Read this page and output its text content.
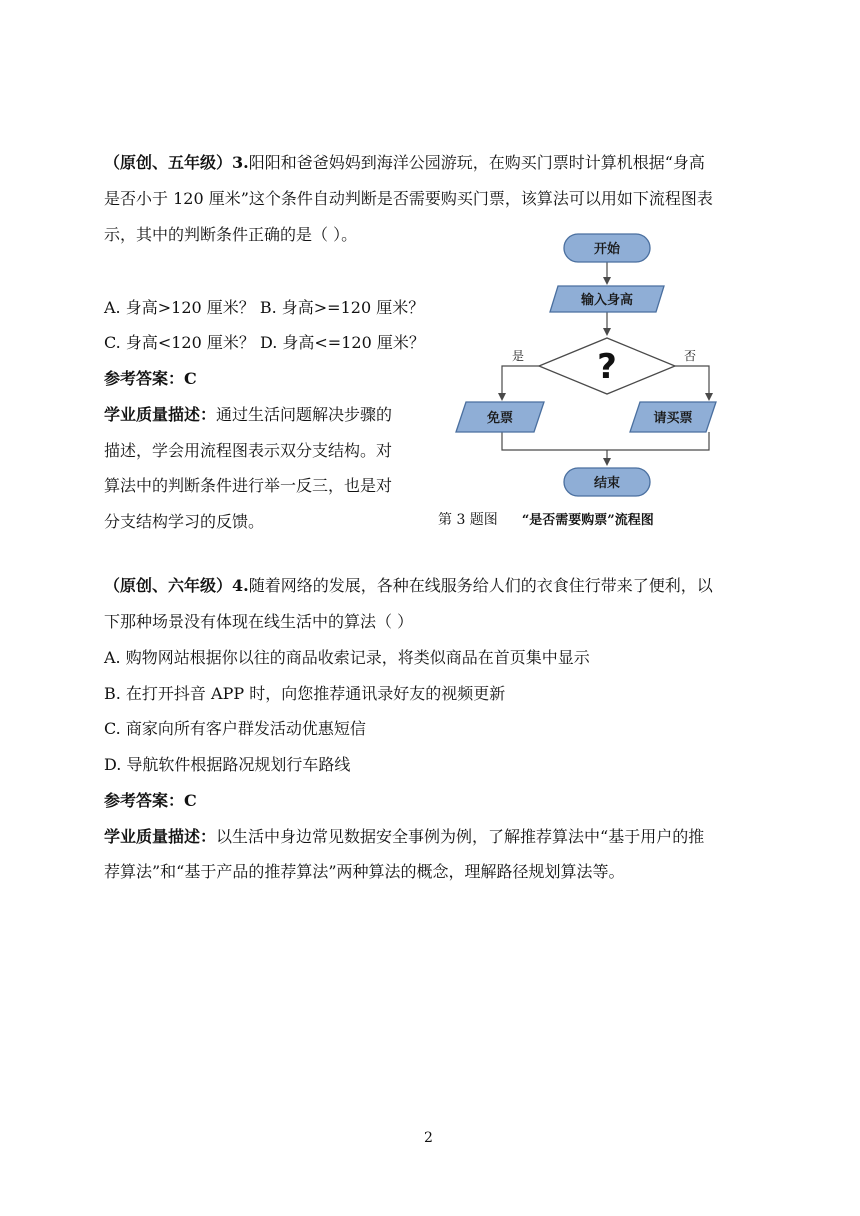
（原创、五年级）3.阳阳和爸爸妈妈到海洋公园游玩，在购买门票时计算机根据“身高
是否小于 120 厘米”这个条件自动判断是否需要购买门票，该算法可以用如下流程图表
示，其中的判断条件正确的是（ ）。
A. 身高>120 厘米？ B. 身高>=120 厘米？
C. 身高<120 厘米？ D. 身高<=120 厘米？
参考答案：C
学业质量描述：通过生活问题解决步骤的
描述，学会用流程图表示双分支结构。对
算法中的判断条件进行举一反三，也是对
分支结构学习的反馈。
开始
输入身高
?
是	否
免票	请买票
结束
第 3 题图 “是否需要购票”流程图
（原创、六年级）4.随着网络的发展，各种在线服务给人们的衣食住行带来了便利，以
下那种场景没有体现在线生活中的算法（ ）
A. 购物网站根据你以往的商品收索记录，将类似商品在首页集中显示
B. 在打开抖音 APP 时，向您推荐通讯录好友的视频更新
C. 商家向所有客户群发活动优惠短信
D. 导航软件根据路况规划行车路线
参考答案：C
学业质量描述：以生活中身边常见数据安全事例为例，了解推荐算法中“基于用户的推
荐算法”和“基于产品的推荐算法”两种算法的概念，理解路径规划算法等。
2
